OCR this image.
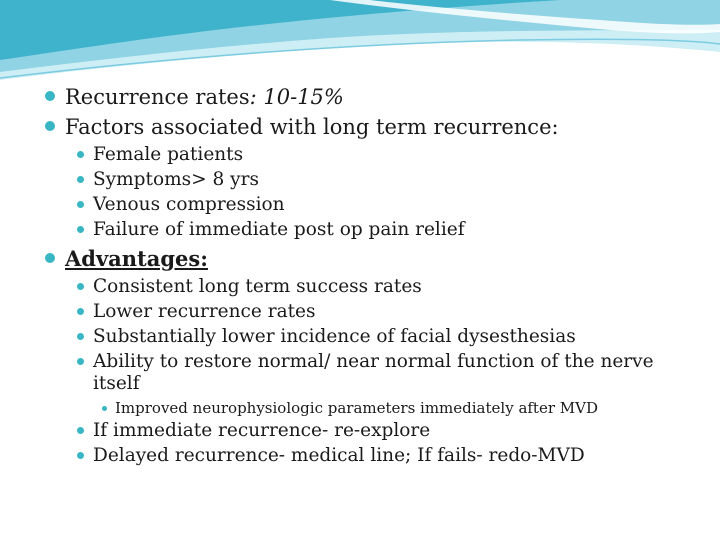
Recurrence rates: 10-15%
Factors associated with long term recurrence:
Female patients
Symptoms> 8 yrs
Venous compression
Failure of immediate post op pain relief
Advantages:
Consistent long term success rates
Lower recurrence rates
Substantially lower incidence of facial dysesthesias
Ability to restore normal/ near normal function of the nerve
itself
Improved neurophysiologic parameters immediately after MVD
If immediate recurrence- re-explore
Delayed recurrence- medical line; If fails- redo-MVD
